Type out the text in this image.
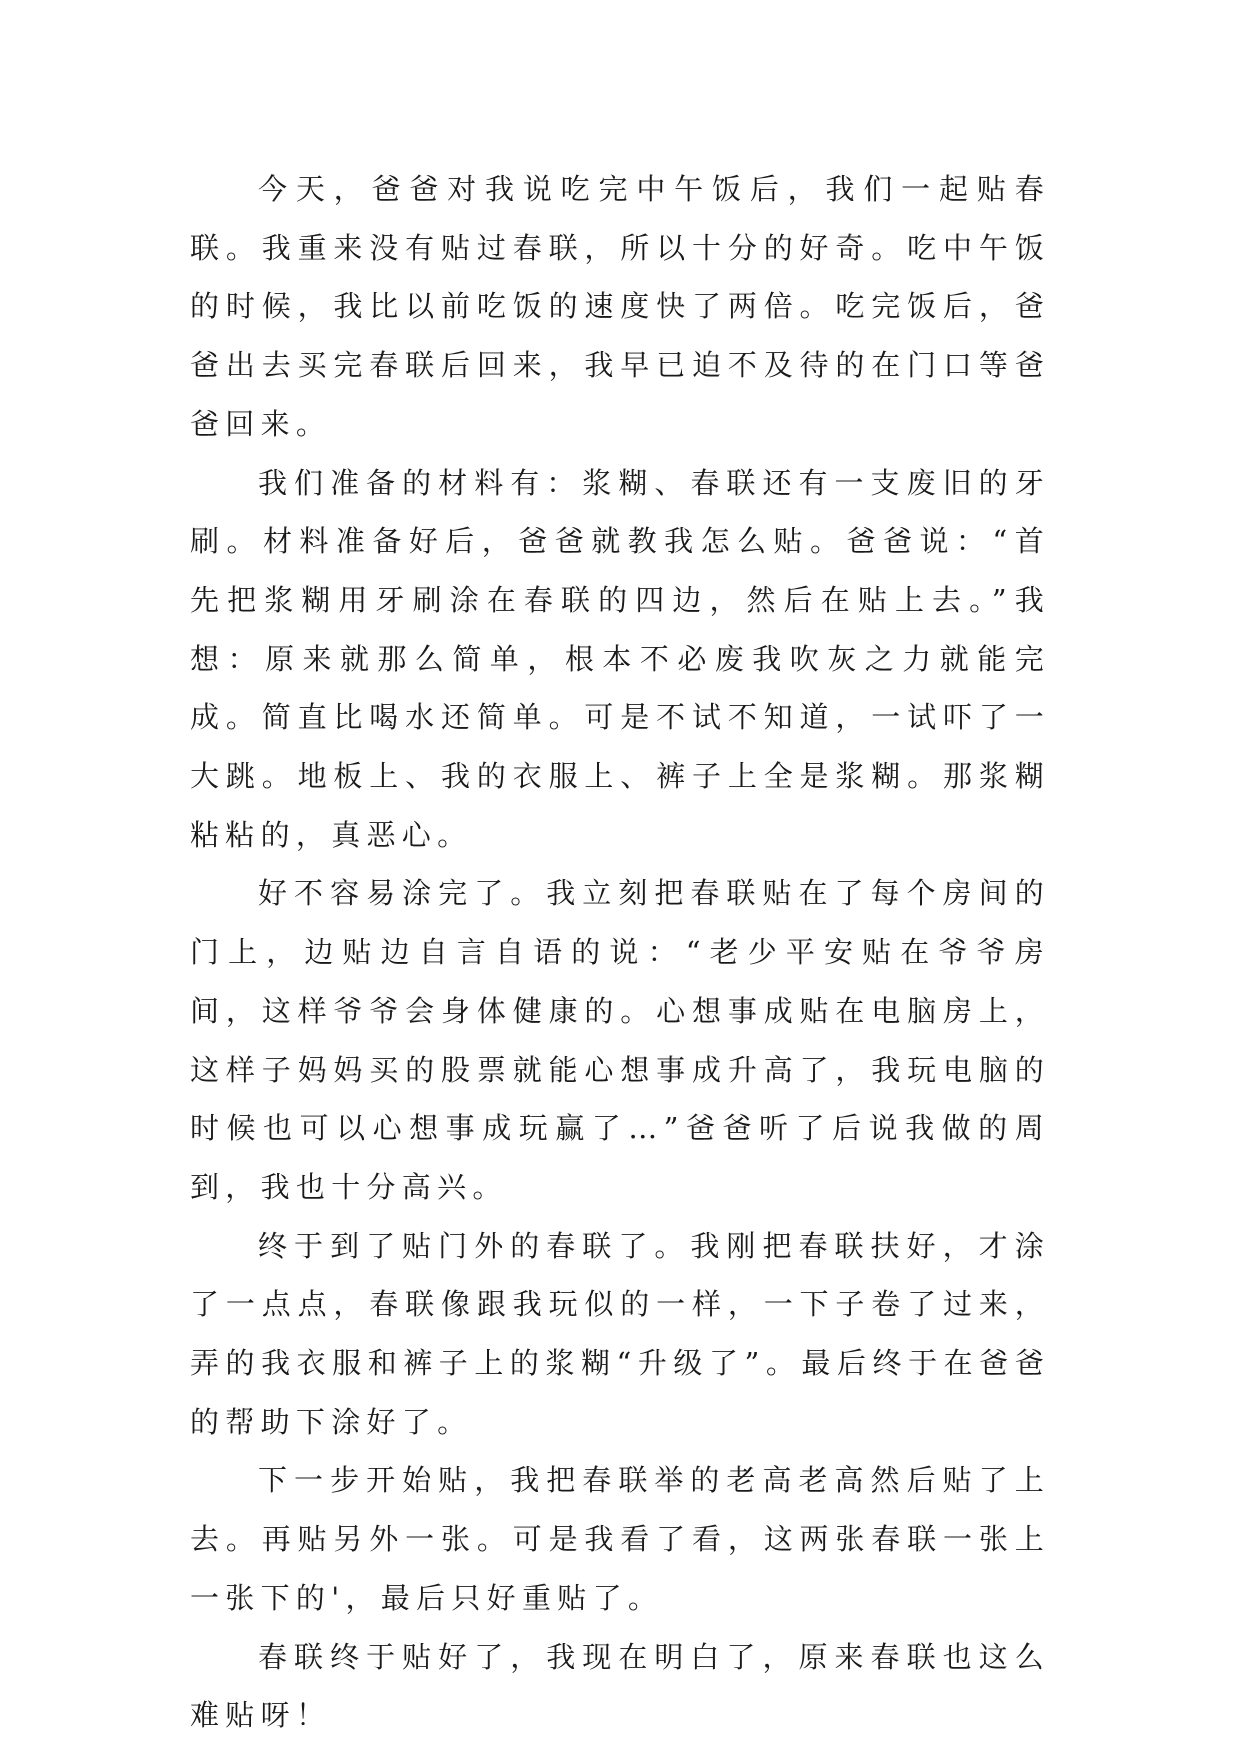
今天，爸爸对我说吃完中午饭后，我们一起贴春联。我重来没有贴过春联，所以十分的好奇。吃中午饭的时候，我比以前吃饭的速度快了两倍。吃完饭后，爸爸出去买完春联后回来，我早已迫不及待的在门口等爸爸回来。

我们准备的材料有：浆糊、春联还有一支废旧的牙刷。材料准备好后，爸爸就教我怎么贴。爸爸说：“首先把浆糊用牙刷涂在春联的四边，然后在贴上去。”我想：原来就那么简单，根本不必废我吹灰之力就能完成。简直比喝水还简单。可是不试不知道，一试吓了一大跳。地板上、我的衣服上、裤子上全是浆糊。那浆糊粘粘的，真恶心。

好不容易涂完了。我立刻把春联贴在了每个房间的门上，边贴边自言自语的说：“老少平安贴在爷爷房间，这样爷爷会身体健康的。心想事成贴在电脑房上，这样子妈妈买的股票就能心想事成升高了，我玩电脑的时候也可以心想事成玩赢了…”爸爸听了后说我做的周到，我也十分高兴。

终于到了贴门外的春联了。我刚把春联扶好，才涂了一点点，春联像跟我玩似的一样，一下子卷了过来，弄的我衣服和裤子上的浆糊“升级了”。最后终于在爸爸的帮助下涂好了。

下一步开始贴，我把春联举的老高老高然后贴了上去。再贴另外一张。可是我看了看，这两张春联一张上一张下的'，最后只好重贴了。

春联终于贴好了，我现在明白了，原来春联也这么难贴呀！
